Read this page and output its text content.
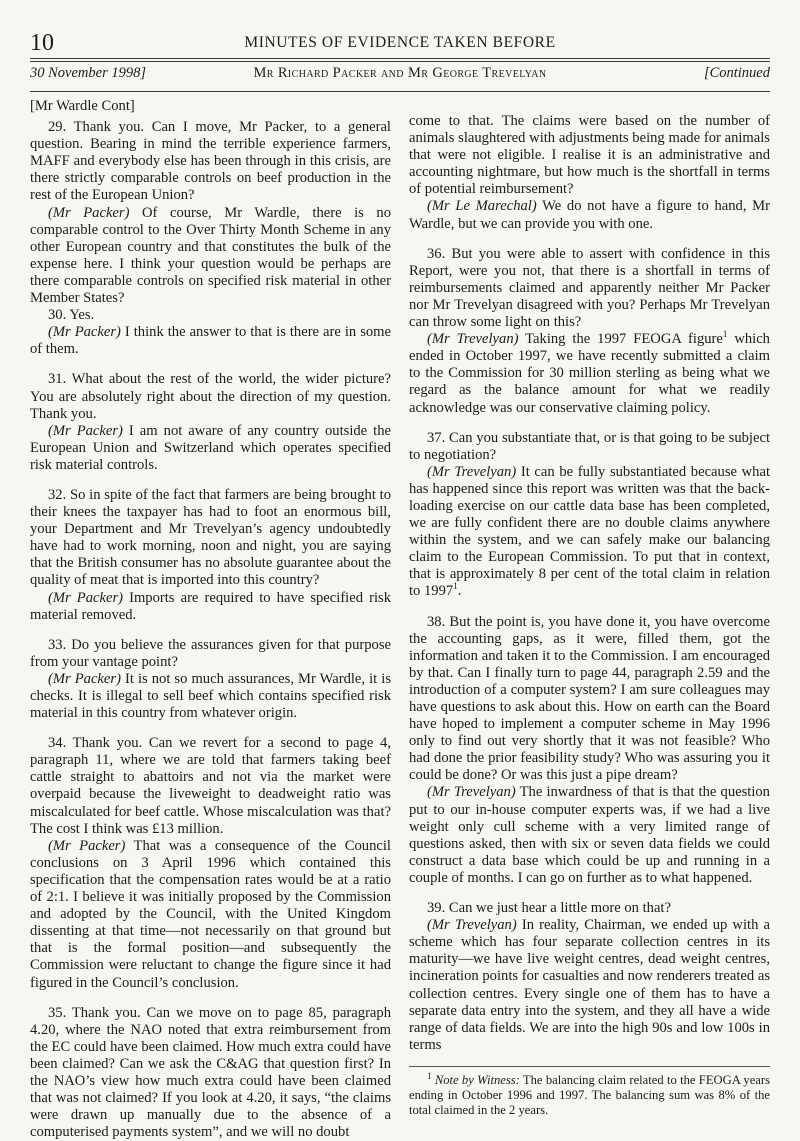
10	MINUTES OF EVIDENCE TAKEN BEFORE
30 November 1998]	Mr Richard Packer and Mr George Trevelyan	[Continued

[Mr Wardle Cont]

29. Thank you. Can I move, Mr Packer, to a general question. Bearing in mind the terrible experience farmers, MAFF and everybody else has been through in this crisis, are there strictly comparable controls on beef production in the rest of the European Union?

(Mr Packer) Of course, Mr Wardle, there is no comparable control to the Over Thirty Month Scheme in any other European country and that constitutes the bulk of the expense here. I think your question would be perhaps are there comparable controls on specified risk material in other Member States?

30. Yes.

(Mr Packer) I think the answer to that is there are in some of them.

31. What about the rest of the world, the wider picture? You are absolutely right about the direction of my question. Thank you.

(Mr Packer) I am not aware of any country outside the European Union and Switzerland which operates specified risk material controls.

32. So in spite of the fact that farmers are being brought to their knees the taxpayer has had to foot an enormous bill, your Department and Mr Trevelyan’s agency undoubtedly have had to work morning, noon and night, you are saying that the British consumer has no absolute guarantee about the quality of meat that is imported into this country?

(Mr Packer) Imports are required to have specified risk material removed.

33. Do you believe the assurances given for that purpose from your vantage point?

(Mr Packer) It is not so much assurances, Mr Wardle, it is checks. It is illegal to sell beef which contains specified risk material in this country from whatever origin.

34. Thank you. Can we revert for a second to page 4, paragraph 11, where we are told that farmers taking beef cattle straight to abattoirs and not via the market were overpaid because the liveweight to deadweight ratio was miscalculated for beef cattle. Whose miscalculation was that? The cost I think was £13 million.

(Mr Packer) That was a consequence of the Council conclusions on 3 April 1996 which contained this specification that the compensation rates would be at a ratio of 2:1. I believe it was initially proposed by the Commission and adopted by the Council, with the United Kingdom dissenting at that time—not necessarily on that ground but that is the formal position—and subsequently the Commission were reluctant to change the figure since it had figured in the Council’s conclusion.

35. Thank you. Can we move on to page 85, paragraph 4.20, where the NAO noted that extra reimbursement from the EC could have been claimed. How much extra could have been claimed? Can we ask the C&AG that question first? In the NAO’s view how much extra could have been claimed that was not claimed? If you look at 4.20, it says, “the claims were drawn up manually due to the absence of a computerised payments system”, and we will no doubt

come to that. The claims were based on the number of animals slaughtered with adjustments being made for animals that were not eligible. I realise it is an administrative and accounting nightmare, but how much is the shortfall in terms of potential reimbursement?

(Mr Le Marechal) We do not have a figure to hand, Mr Wardle, but we can provide you with one.

36. But you were able to assert with confidence in this Report, were you not, that there is a shortfall in terms of reimbursements claimed and apparently neither Mr Packer nor Mr Trevelyan disagreed with you? Perhaps Mr Trevelyan can throw some light on this?

(Mr Trevelyan) Taking the 1997 FEOGA figure$^1$ which ended in October 1997, we have recently submitted a claim to the Commission for 30 million sterling as being what we regard as the balance amount for what we readily acknowledge was our conservative claiming policy.

37. Can you substantiate that, or is that going to be subject to negotiation?

(Mr Trevelyan) It can be fully substantiated because what has happened since this report was written was that the back-loading exercise on our cattle data base has been completed, we are fully confident there are no double claims anywhere within the system, and we can safely make our balancing claim to the European Commission. To put that in context, that is approximately 8 per cent of the total claim in relation to 1997$^1$.

38. But the point is, you have done it, you have overcome the accounting gaps, as it were, filled them, got the information and taken it to the Commission. I am encouraged by that. Can I finally turn to page 44, paragraph 2.59 and the introduction of a computer system? I am sure colleagues may have questions to ask about this. How on earth can the Board have hoped to implement a computer scheme in May 1996 only to find out very shortly that it was not feasible? Who had done the prior feasibility study? Who was assuring you it could be done? Or was this just a pipe dream?

(Mr Trevelyan) The inwardness of that is that the question put to our in-house computer experts was, if we had a live weight only cull scheme with a very limited range of questions asked, then with six or seven data fields we could construct a data base which could be up and running in a couple of months. I can go on further as to what happened.

39. Can we just hear a little more on that?

(Mr Trevelyan) In reality, Chairman, we ended up with a scheme which has four separate collection centres in its maturity—we have live weight centres, dead weight centres, incineration points for casualties and now renderers treated as collection centres. Every single one of them has to have a separate data entry into the system, and they all have a wide range of data fields. We are into the high 90s and low 100s in terms

$^1$ Note by Witness: The balancing claim related to the FEOGA years ending in October 1996 and 1997. The balancing sum was 8% of the total claimed in the 2 years.
